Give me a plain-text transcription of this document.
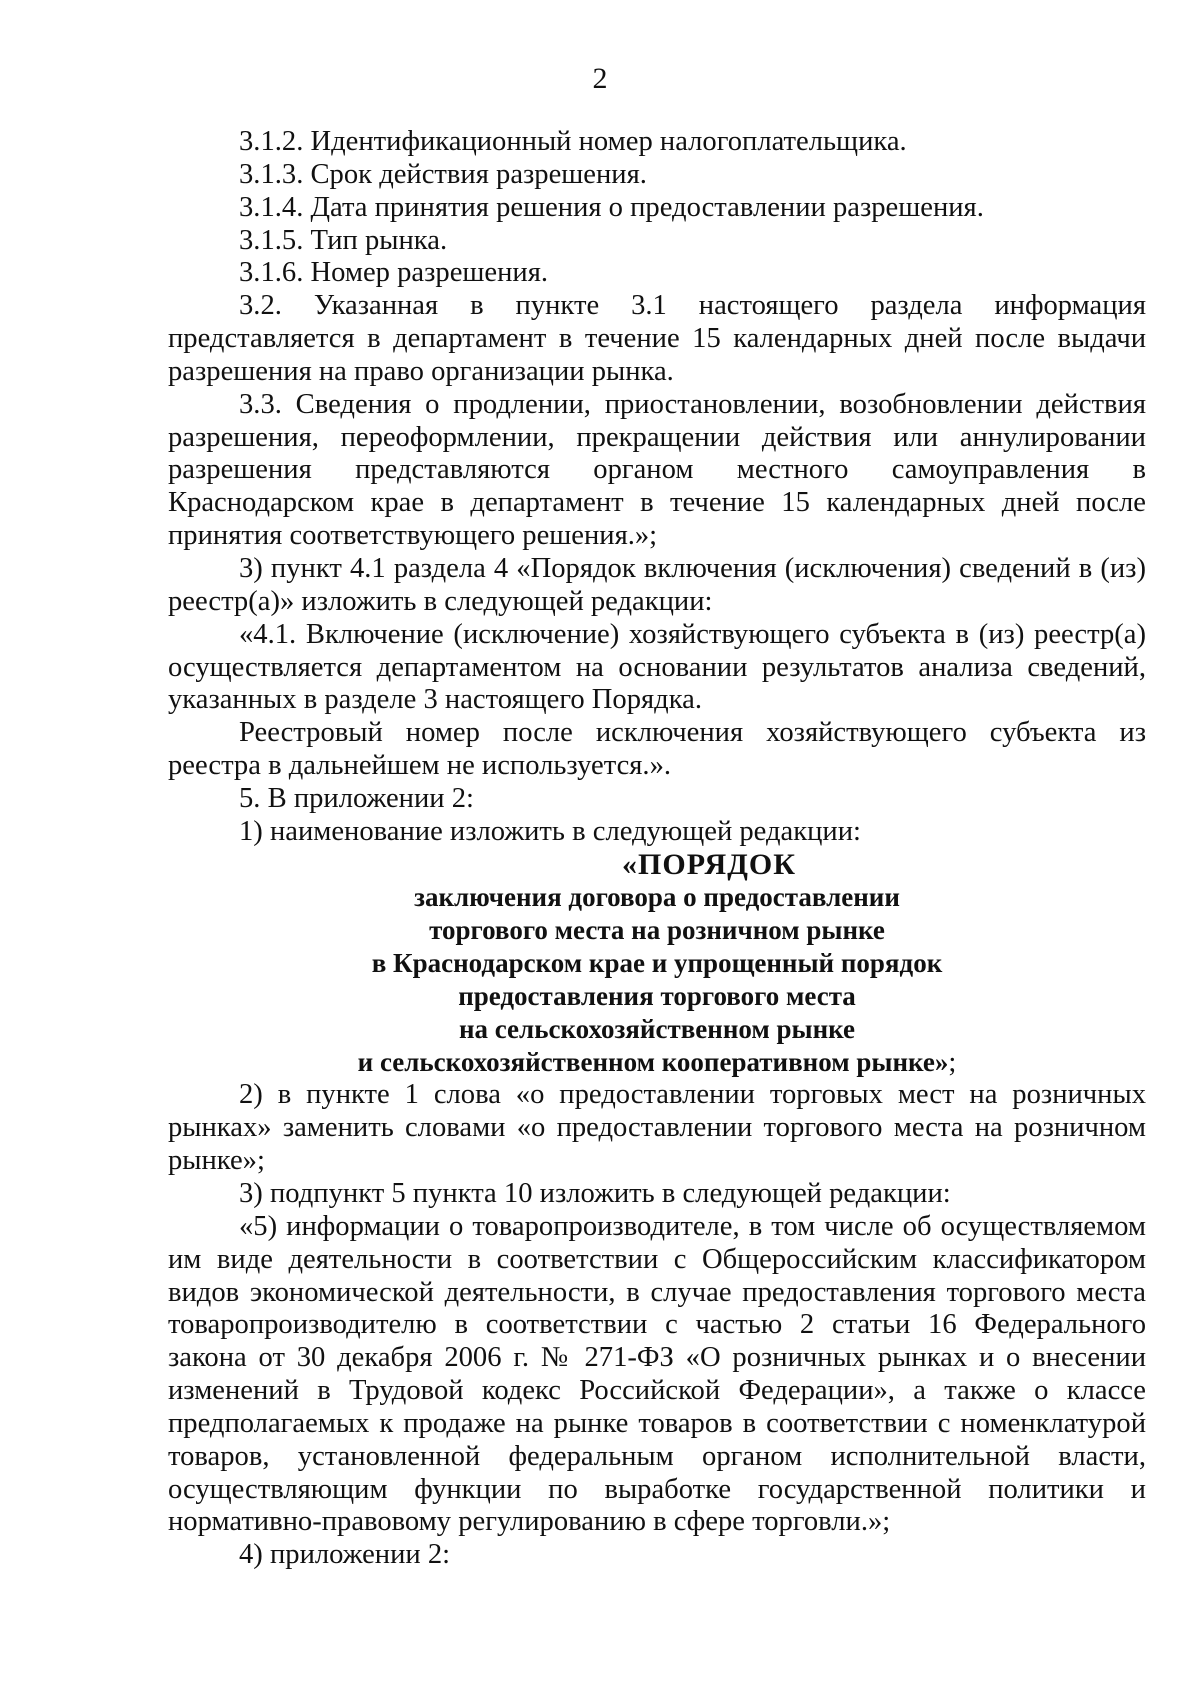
2

3.1.2. Идентификационный номер налогоплательщика.

3.1.3. Срок действия разрешения.

3.1.4. Дата принятия решения о предоставлении разрешения.

3.1.5. Тип рынка.

3.1.6. Номер разрешения.

3.2. Указанная в пункте 3.1 настоящего раздела информация представляется в департамент в течение 15 календарных дней после выдачи разрешения на право организации рынка.

3.3. Сведения о продлении, приостановлении, возобновлении действия разрешения, переоформлении, прекращении действия или аннулировании разрешения представляются органом местного самоуправления в Краснодарском крае в департамент в течение 15 календарных дней после принятия соответствующего решения.»;

3) пункт 4.1 раздела 4 «Порядок включения (исключения) сведений в (из) реестр(а)» изложить в следующей редакции:

«4.1. Включение (исключение) хозяйствующего субъекта в (из) реестр(а) осуществляется департаментом на основании результатов анализа сведений, указанных в разделе 3 настоящего Порядка.

Реестровый номер после исключения хозяйствующего субъекта из реестра в дальнейшем не используется.».

5. В приложении 2:

1) наименование изложить в следующей редакции:

«ПОРЯДОК
заключения договора о предоставлении
торгового места на розничном рынке
в Краснодарском крае и упрощенный порядок
предоставления торгового места
на сельскохозяйственном рынке
и сельскохозяйственном кооперативном рынке»;

2) в пункте 1 слова «о предоставлении торговых мест на розничных рынках» заменить словами «о предоставлении торгового места на розничном рынке»;

3) подпункт 5 пункта 10 изложить в следующей редакции:

«5) информации о товаропроизводителе, в том числе об осуществляемом им виде деятельности в соответствии с Общероссийским классификатором видов экономической деятельности, в случае предоставления торгового места товаропроизводителю в соответствии с частью 2 статьи 16 Федерального закона от 30 декабря 2006 г. № 271-ФЗ «О розничных рынках и о внесении изменений в Трудовой кодекс Российской Федерации», а также о классе предполагаемых к продаже на рынке товаров в соответствии с номенклатурой товаров, установленной федеральным органом исполнительной власти, осуществляющим функции по выработке государственной политики и нормативно-правовому регулированию в сфере торговли.»;

4) приложении 2:
